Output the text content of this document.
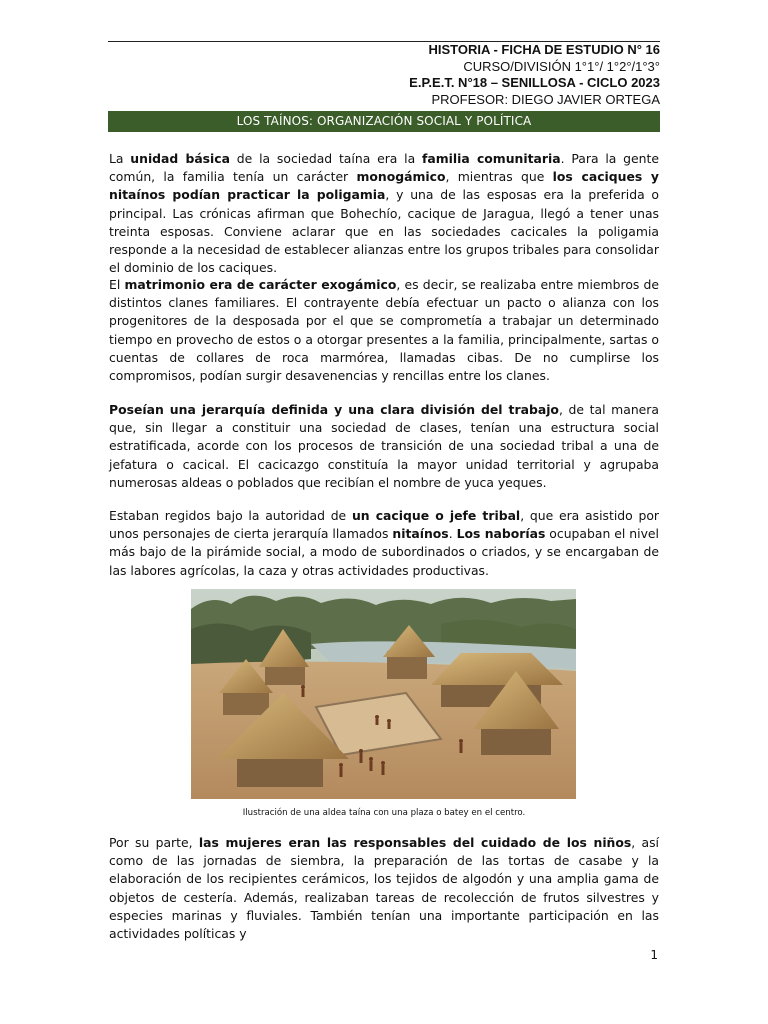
HISTORIA - FICHA DE ESTUDIO N° 16
CURSO/DIVISIÓN 1°1°/ 1°2°/1°3°
E.P.E.T. N°18 – SENILLOSA - CICLO 2023
PROFESOR: DIEGO JAVIER ORTEGA
LOS TAÍNOS: ORGANIZACIÓN SOCIAL Y POLÍTICA

La unidad básica de la sociedad taína era la familia comunitaria. Para la gente común, la familia tenía un carácter monogámico, mientras que los caciques y nitaínos podían practicar la poligamia, y una de las esposas era la preferida o principal. Las crónicas afirman que Bohechío, cacique de Jaragua, llegó a tener unas treinta esposas. Conviene aclarar que en las sociedades cacicales la poligamia responde a la necesidad de establecer alianzas entre los grupos tribales para consolidar el dominio de los caciques.

El matrimonio era de carácter exogámico, es decir, se realizaba entre miembros de distintos clanes familiares. El contrayente debía efectuar un pacto o alianza con los progenitores de la desposada por el que se comprometía a trabajar un determinado tiempo en provecho de estos o a otorgar presentes a la familia, principalmente, sartas o cuentas de collares de roca marmórea, llamadas cibas. De no cumplirse los compromisos, podían surgir desavenencias y rencillas entre los clanes.

Poseían una jerarquía definida y una clara división del trabajo, de tal manera que, sin llegar a constituir una sociedad de clases, tenían una estructura social estratificada, acorde con los procesos de transición de una sociedad tribal a una de jefatura o cacical. El cacicazgo constituía la mayor unidad territorial y agrupaba numerosas aldeas o poblados que recibían el nombre de yuca yeques.

Estaban regidos bajo la autoridad de un cacique o jefe tribal, que era asistido por unos personajes de cierta jerarquía llamados nitaínos. Los naborías ocupaban el nivel más bajo de la pirámide social, a modo de subordinados o criados, y se encargaban de las labores agrícolas, la caza y otras actividades productivas.

Ilustración de una aldea taína con una plaza o batey en el centro.

Por su parte, las mujeres eran las responsables del cuidado de los niños, así como de las jornadas de siembra, la preparación de las tortas de casabe y la elaboración de los recipientes cerámicos, los tejidos de algodón y una amplia gama de objetos de cestería. Además, realizaban tareas de recolección de frutos silvestres y especies marinas y fluviales. También tenían una importante participación en las actividades políticas y

1
